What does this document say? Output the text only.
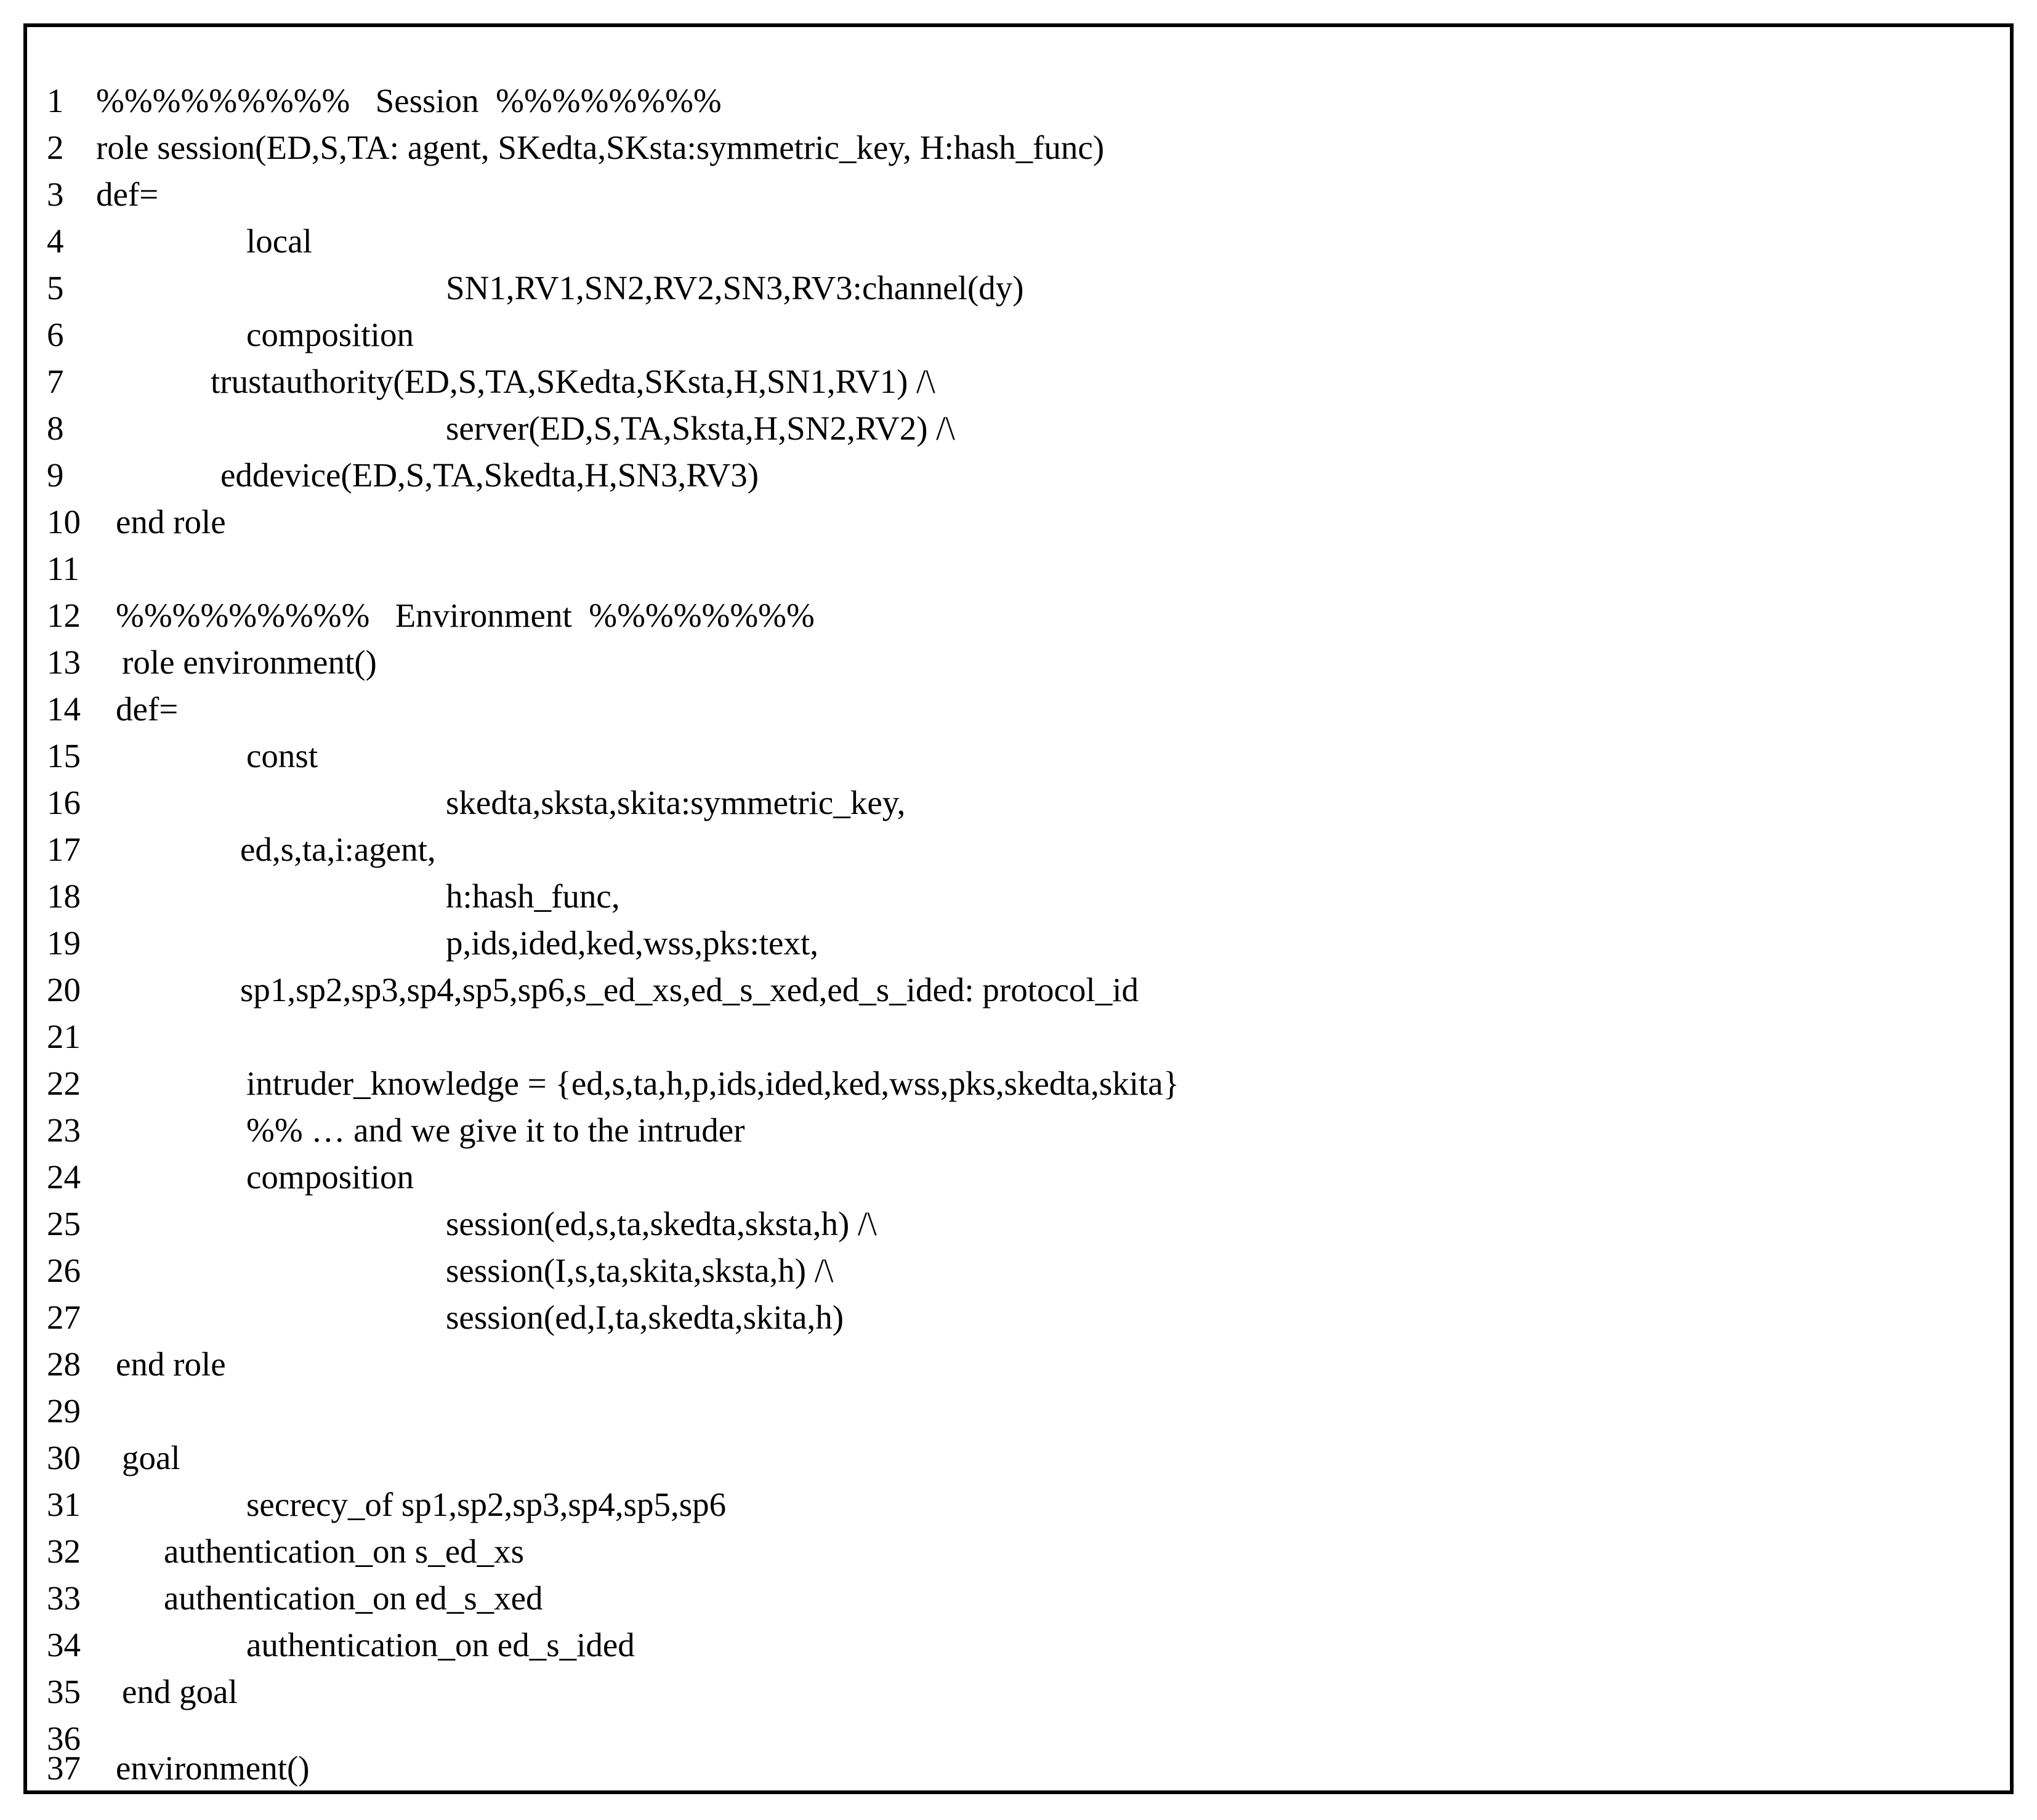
1 %%%%%%%%%   Session  %%%%%%%%
2 role session(ED,S,TA: agent, SKedta,SKsta:symmetric_key, H:hash_func)
3 def=
4	local
5	SN1,RV1,SN2,RV2,SN3,RV3:channel(dy)
6	composition
7	trustauthority(ED,S,TA,SKedta,SKsta,H,SN1,RV1) /\
8	server(ED,S,TA,Sksta,H,SN2,RV2) /\
9	eddevice(ED,S,TA,Skedta,H,SN3,RV3)
10 end role
11
12 %%%%%%%%%   Environment  %%%%%%%%
13 role environment()
14 def=
15	const
16	skedta,sksta,skita:symmetric_key,
17	ed,s,ta,i:agent,
18	h:hash_func,
19	p,ids,ided,ked,wss,pks:text,
20	sp1,sp2,sp3,sp4,sp5,sp6,s_ed_xs,ed_s_xed,ed_s_ided: protocol_id
21
22	intruder_knowledge = {ed,s,ta,h,p,ids,ided,ked,wss,pks,skedta,skita}
23	%% … and we give it to the intruder
24	composition
25	session(ed,s,ta,skedta,sksta,h) /\
26	session(I,s,ta,skita,sksta,h) /\
27	session(ed,I,ta,skedta,skita,h)
28 end role
29
30 goal
31	secrecy_of sp1,sp2,sp3,sp4,sp5,sp6
32 authentication_on s_ed_xs
33 authentication_on ed_s_xed
34	authentication_on ed_s_ided
35 end goal
36
37 environment()
